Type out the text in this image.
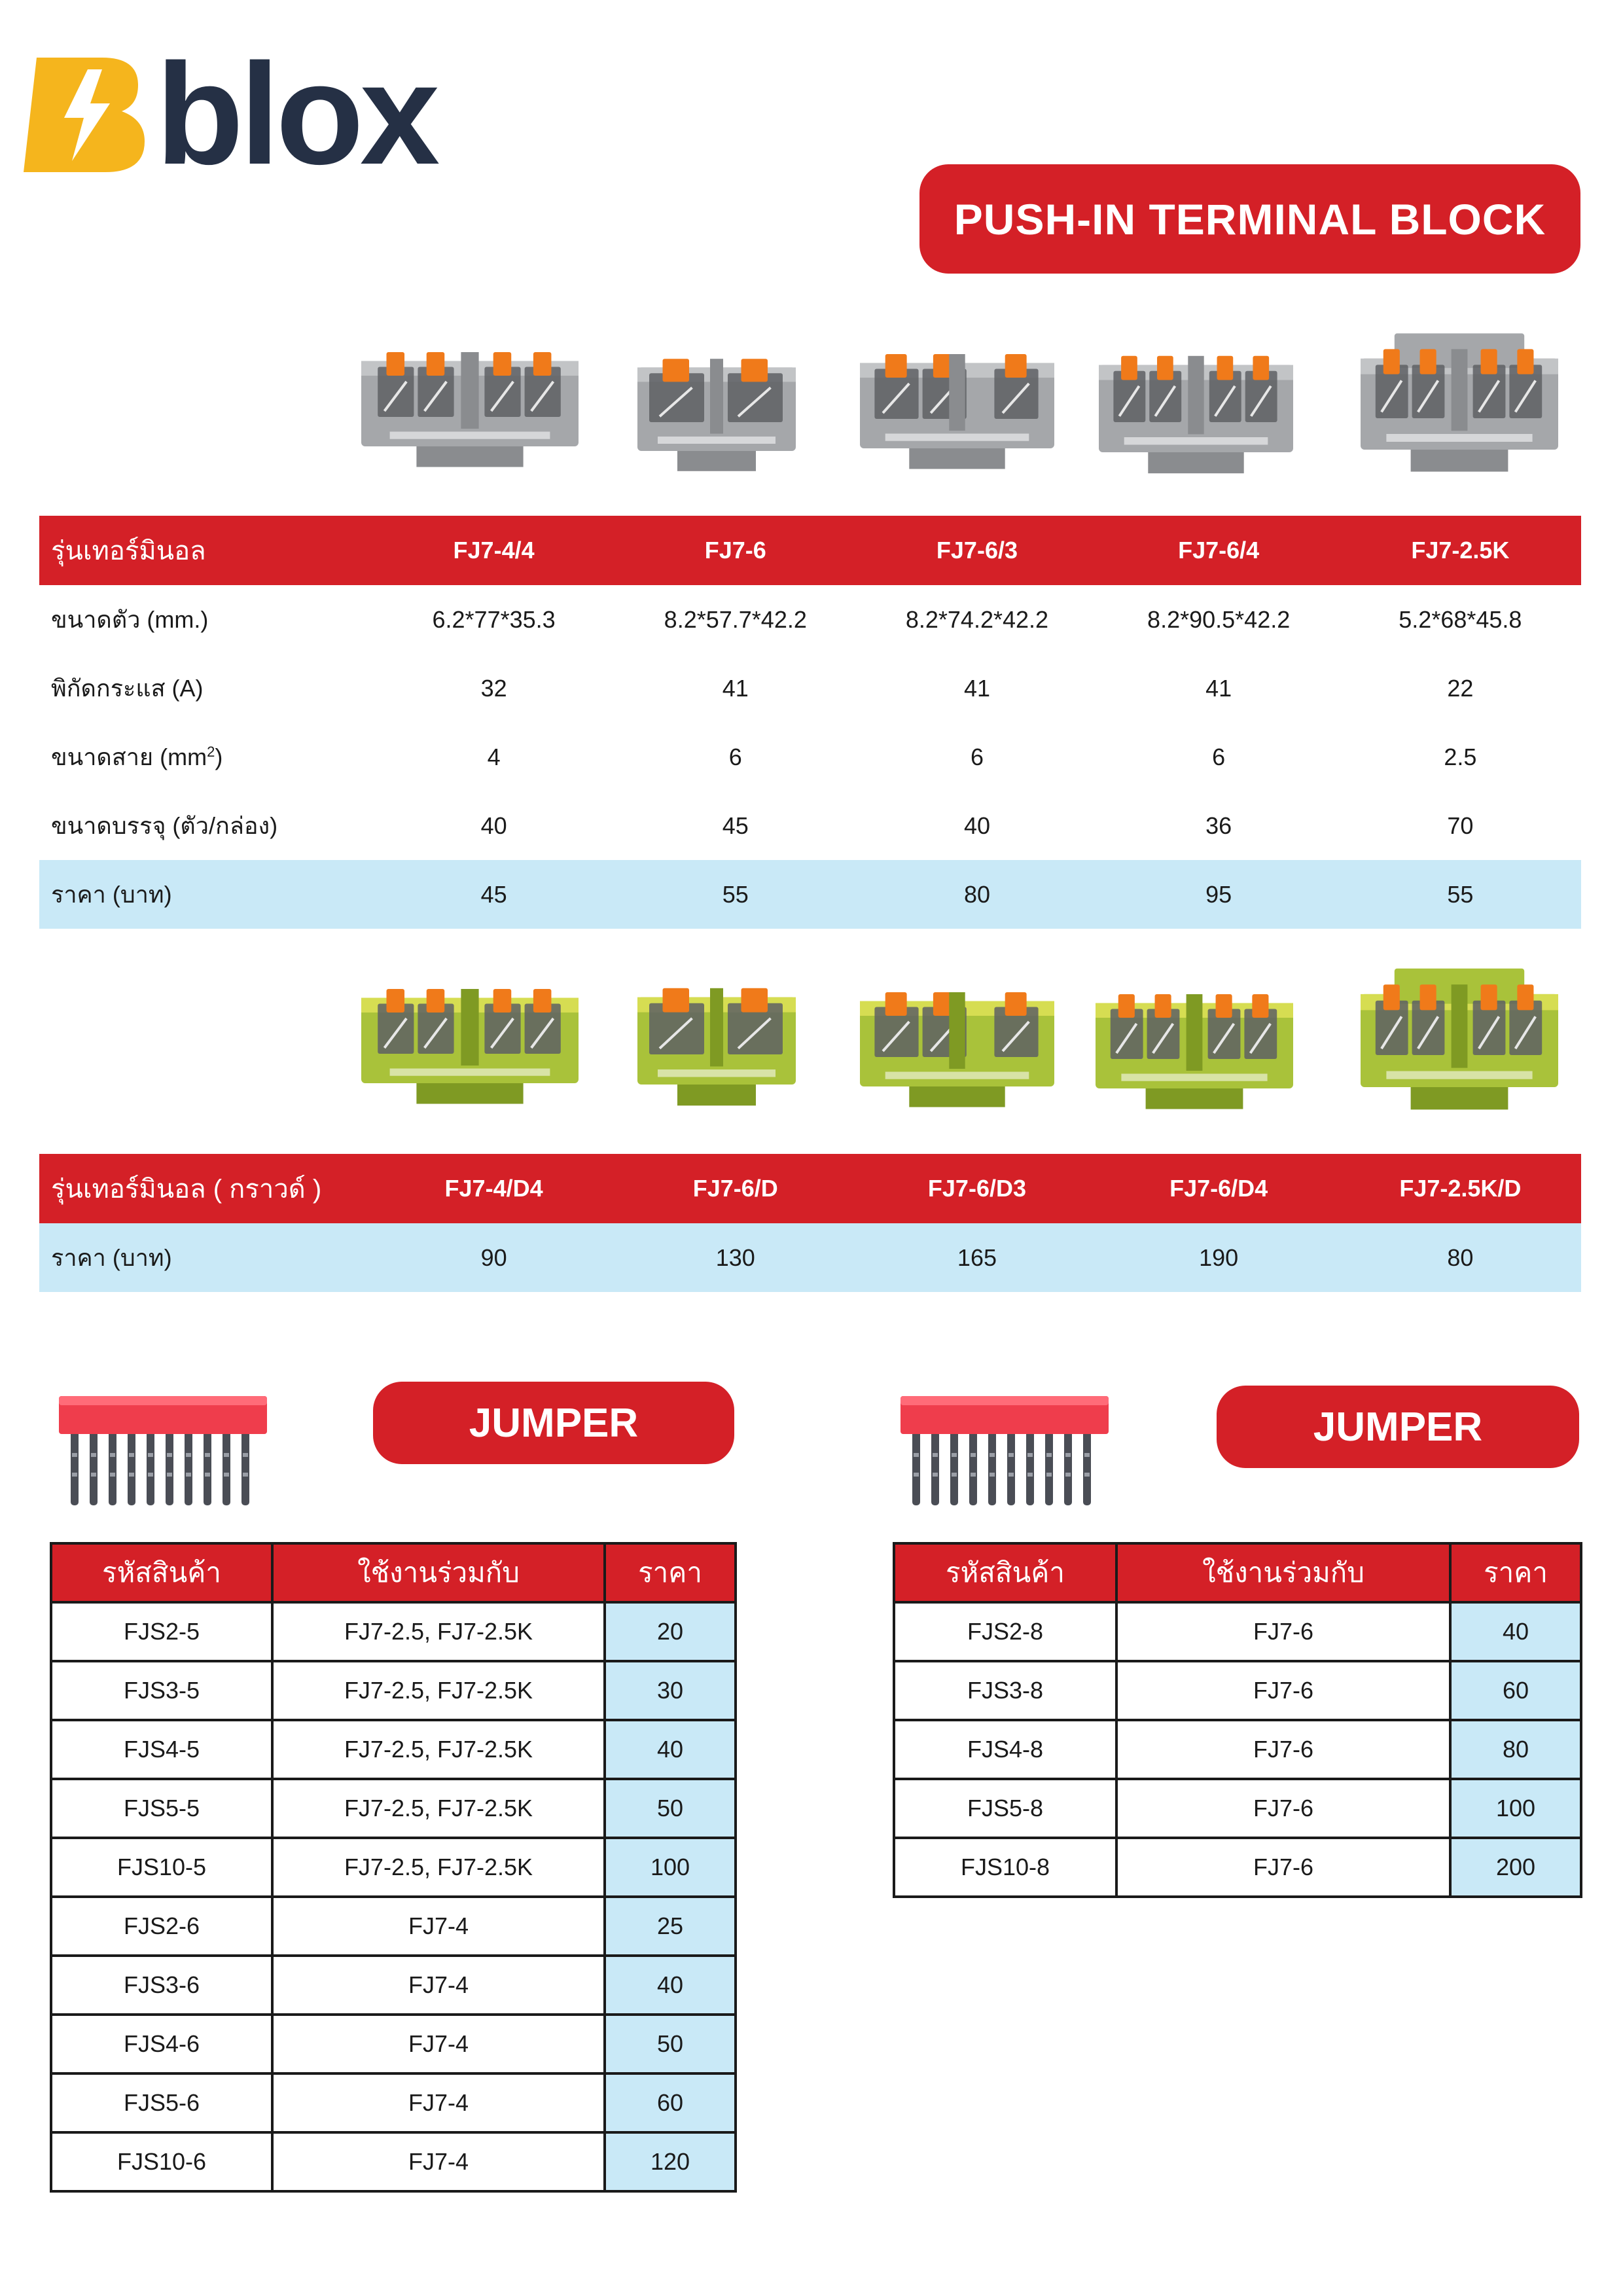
blox
PUSH-IN TERMINAL BLOCK
รุ่นเทอร์มินอล	FJ7-4/4	FJ7-6	FJ7-6/3	FJ7-6/4	FJ7-2.5K
ขนาดตัว (mm.)	6.2*77*35.3	8.2*57.7*42.2	8.2*74.2*42.2	8.2*90.5*42.2	5.2*68*45.8
พิกัดกระแส (A)	32	41	41	41	22
ขนาดสาย $(mm^2)$	4	6	6	6	2.5
ขนาดบรรจุ (ตัว/กล่อง)	40	45	40	36	70
ราคา (บาท)	45	55	80	95	55
รุ่นเทอร์มินอล ( กราวด์ )	FJ7-4/D4	FJ7-6/D	FJ7-6/D3	FJ7-6/D4	FJ7-2.5K/D
ราคา (บาท)	90	130	165	190	80
JUMPER	JUMPER
รหัสสินค้า	ใช้งานร่วมกับ	ราคา
FJS2-5	FJ7-2.5, FJ7-2.5K	20
FJS3-5	FJ7-2.5, FJ7-2.5K	30
FJS4-5	FJ7-2.5, FJ7-2.5K	40
FJS5-5	FJ7-2.5, FJ7-2.5K	50
FJS10-5	FJ7-2.5, FJ7-2.5K	100
FJS2-6	FJ7-4	25
FJS3-6	FJ7-4	40
FJS4-6	FJ7-4	50
FJS5-6	FJ7-4	60
FJS10-6	FJ7-4	120
รหัสสินค้า	ใช้งานร่วมกับ	ราคา
FJS2-8	FJ7-6	40
FJS3-8	FJ7-6	60
FJS4-8	FJ7-6	80
FJS5-8	FJ7-6	100
FJS10-8	FJ7-6	200
